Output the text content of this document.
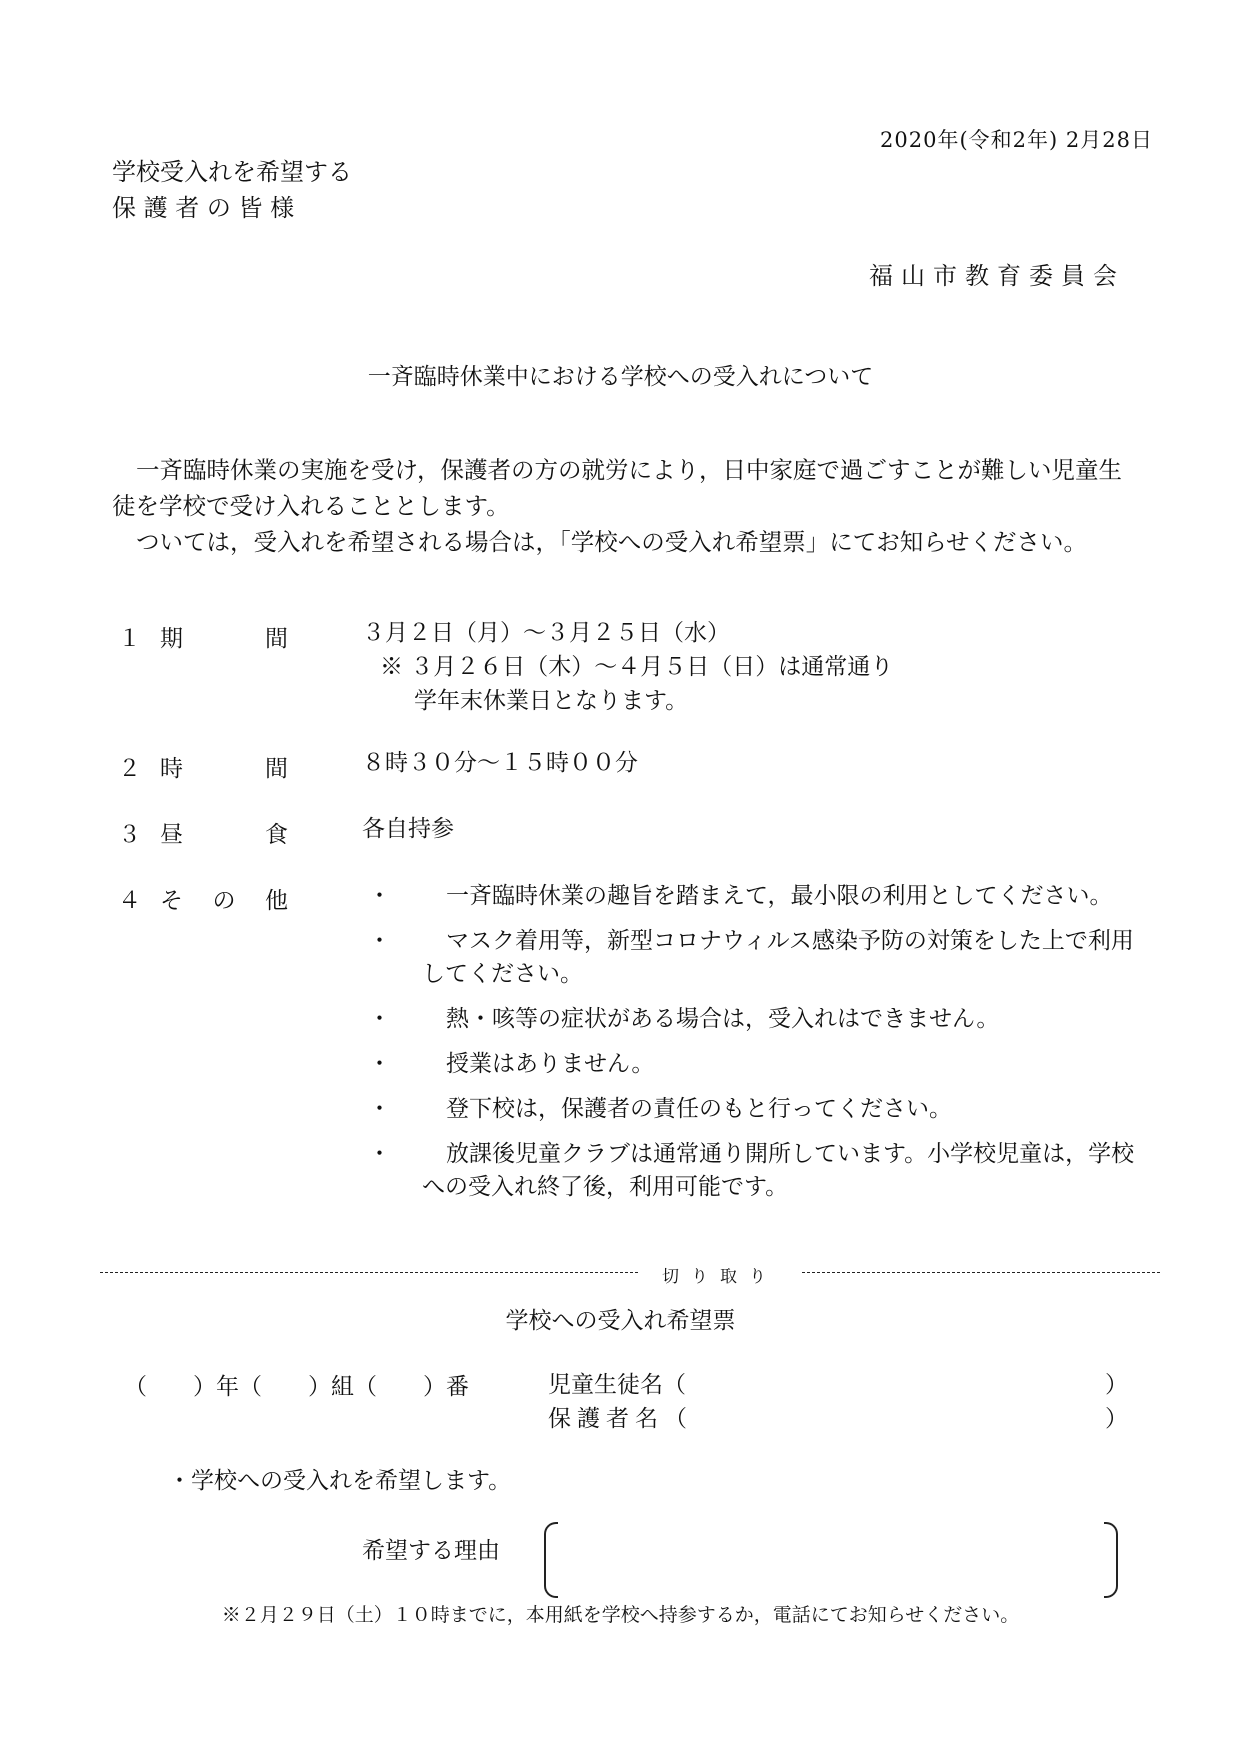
2020年(令和2年) 2月28日
学校受入れを希望する
保 護 者 の 皆 様
福山市教育委員会
一斉臨時休業中における学校への受入れについて

一斉臨時休業の実施を受け，保護者の方の就労により，日中家庭で過ごすことが難しい児童生徒を学校で受け入れることとします。

ついては，受入れを希望される場合は，「学校への受入れ希望票」にてお知らせください。

１ 期	間	３月２日（月）～３月２５日（水）
※ ３月２６日（木）～４月５日（日）は通常通り
学年末休業日となります。
２ 時	間	８時３０分～１５時００分
３ 昼	食	各自持参
４ そ の 他	・	一斉臨時休業の趣旨を踏まえて，最小限の利用としてください。
・	マスク着用等，新型コロナウィルス感染予防の対策をした上で利用してください。
・	熱・咳等の症状がある場合は，受入れはできません。
・	授業はありません。
・	登下校は，保護者の責任のもと行ってください。
・	放課後児童クラブは通常通り開所しています。小学校児童は，学校への受入れ終了後，利用可能です。
切り取り
学校への受入れ希望票
（　　）年（　　）組（　　）番	児童生徒名（	）
保護者名（	）
・学校への受入れを希望します。
希望する理由
※２月２９日（土）１０時までに，本用紙を学校へ持参するか，電話にてお知らせください。
